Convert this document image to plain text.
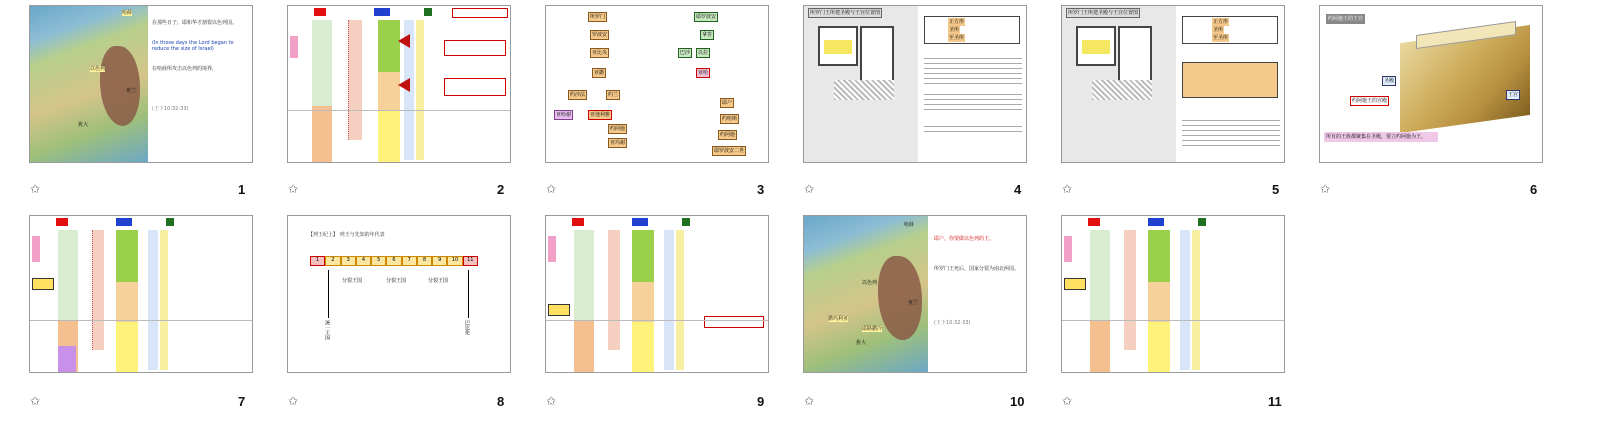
以色列
哈薛
亚兰
犹大
在那些日子，耶和华才割裂以色列国。
(In those days the Lord began to reduce the size of Israel)
在哈薛所攻击以色列的境界，
(王下10:32-33)
✩	1	✩	2
所罗门
罗波安
亚比央
亚撒
约沙法	约兰
亚哈谢	亚他利雅
约阿施
亚玛谢
耶罗波安
拿答
巴沙	以拉
亚哈
耶户
约哈斯
约阿施
耶罗波安二世
✩	3
所罗门王所建圣殿与王宫位置图
正方形
圣所
至圣所
✩	4
所罗门王所建圣殿与王宫位置图
正方形
圣所
至圣所
✩	5
约阿施王的王宫
圣殿
王宫
约阿施王的宫殿
所有的王族都聚集在圣殿，要立约阿施为王。
✩	6
✩	7
【列王纪上】 列王与先知的年代表
1	2	3	4	5	6	7	8	9	10	11
分裂王国	分裂王国	分裂王国
统一王国	巴比伦
✩	8	✩	9
以色列
哈薛
亚兰
犹大
撒玛利亚
耶路撒冷
耶户，你要做以色列的王。
所罗门王死后，国家分裂为南北两国。
(王下10:32-33)
✩	10	✩	11
